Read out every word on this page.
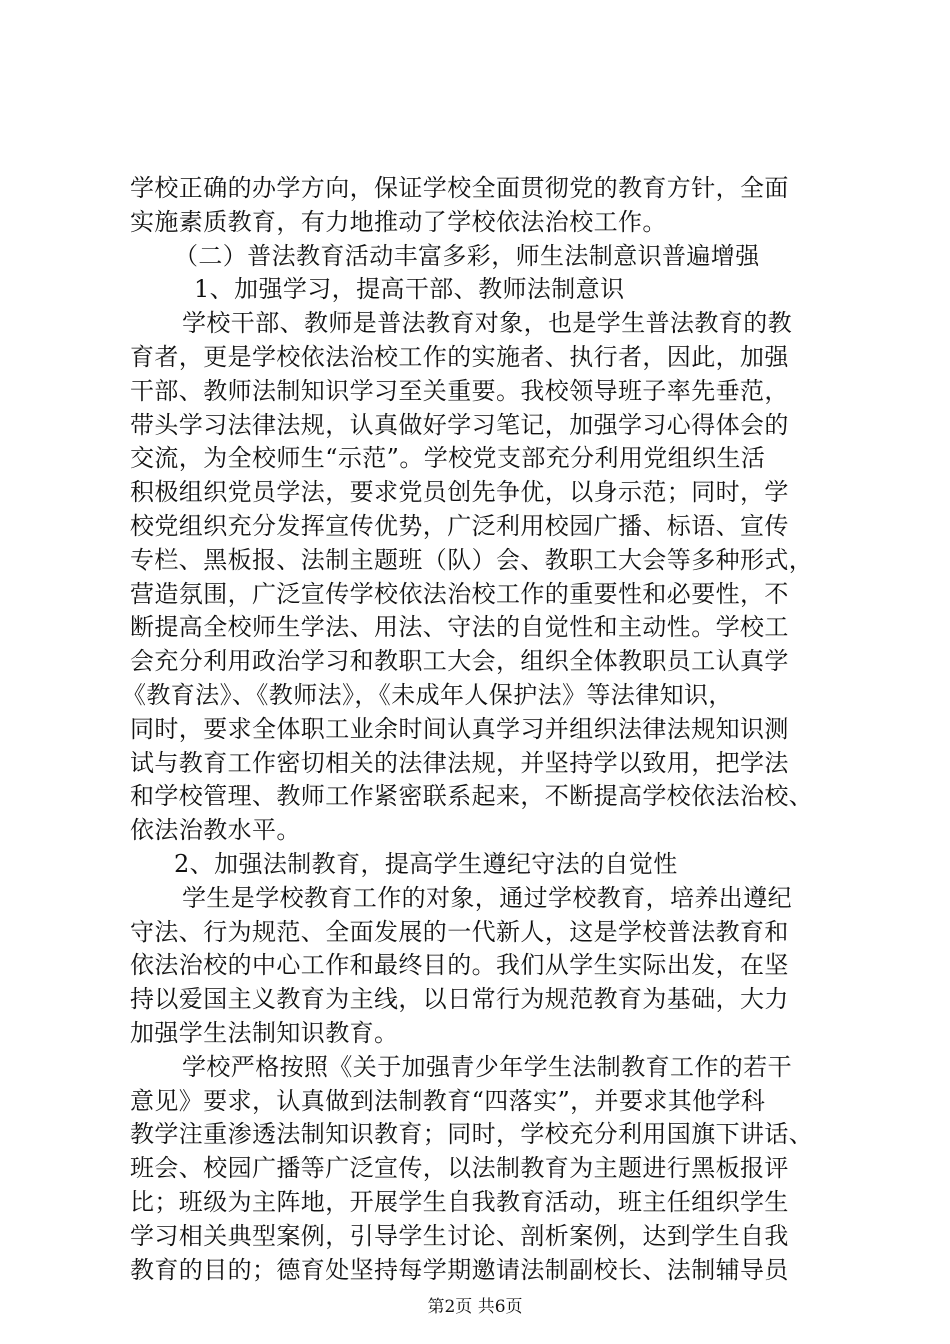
学校正确的办学方向，保证学校全面贯彻党的教育方针，全面
实施素质教育，有力地推动了学校依法治校工作。
（二）普法教育活动丰富多彩，师生法制意识普遍增强
1、加强学习，提高干部、教师法制意识
学校干部、教师是普法教育对象，也是学生普法教育的教
育者，更是学校依法治校工作的实施者、执行者，因此，加强
干部、教师法制知识学习至关重要。我校领导班子率先垂范，
带头学习法律法规，认真做好学习笔记，加强学习心得体会的
交流，为全校师生“示范”。学校党支部充分利用党组织生活
积极组织党员学法，要求党员创先争优，以身示范；同时，学
校党组织充分发挥宣传优势，广泛利用校园广播、标语、宣传
专栏、黑板报、法制主题班（队）会、教职工大会等多种形式，
营造氛围，广泛宣传学校依法治校工作的重要性和必要性，不
断提高全校师生学法、用法、守法的自觉性和主动性。学校工
会充分利用政治学习和教职工大会，组织全体教职员工认真学
《教育法》、《教师法》，《未成年人保护法》等法律知识，
同时，要求全体职工业余时间认真学习并组织法律法规知识测
试与教育工作密切相关的法律法规，并坚持学以致用，把学法
和学校管理、教师工作紧密联系起来，不断提高学校依法治校、
依法治教水平。
2、加强法制教育，提高学生遵纪守法的自觉性
学生是学校教育工作的对象，通过学校教育，培养出遵纪
守法、行为规范、全面发展的一代新人，这是学校普法教育和
依法治校的中心工作和最终目的。我们从学生实际出发，在坚
持以爱国主义教育为主线，以日常行为规范教育为基础，大力
加强学生法制知识教育。
学校严格按照《关于加强青少年学生法制教育工作的若干
意见》要求，认真做到法制教育“四落实”，并要求其他学科
教学注重渗透法制知识教育；同时，学校充分利用国旗下讲话、
班会、校园广播等广泛宣传，以法制教育为主题进行黑板报评
比；班级为主阵地，开展学生自我教育活动，班主任组织学生
学习相关典型案例，引导学生讨论、剖析案例，达到学生自我
教育的目的；德育处坚持每学期邀请法制副校长、法制辅导员
第2页 共6页
